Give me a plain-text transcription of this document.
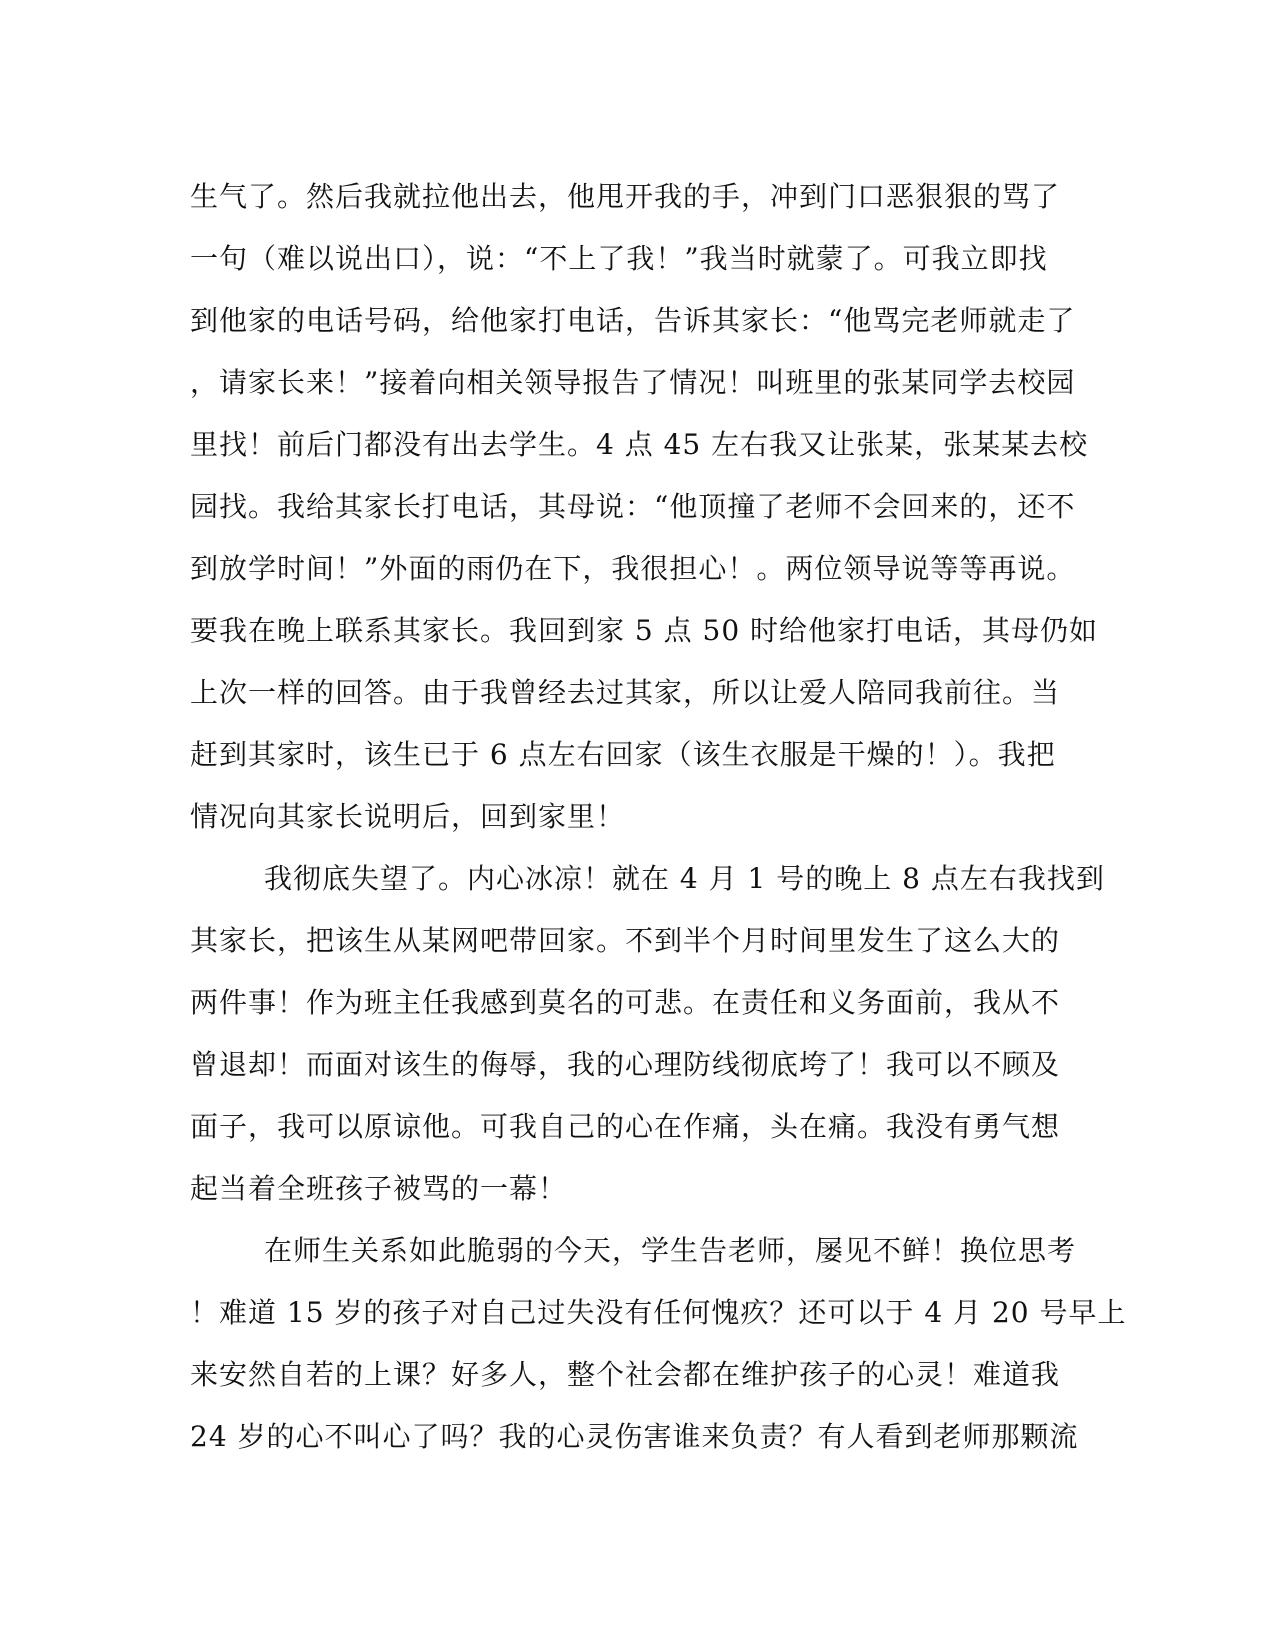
生气了。然后我就拉他出去，他甩开我的手，冲到门口恶狠狠的骂了
一句（难以说出口），说：“不上了我！”我当时就蒙了。可我立即找
到他家的电话号码，给他家打电话，告诉其家长：“他骂完老师就走了
，请家长来！”接着向相关领导报告了情况！叫班里的张某同学去校园
里找！前后门都没有出去学生。4 点 45 左右我又让张某，张某某去校
园找。我给其家长打电话，其母说：“他顶撞了老师不会回来的，还不
到放学时间！”外面的雨仍在下，我很担心！。两位领导说等等再说。
要我在晚上联系其家长。我回到家 5 点 50 时给他家打电话，其母仍如
上次一样的回答。由于我曾经去过其家，所以让爱人陪同我前往。当
赶到其家时，该生已于 6 点左右回家（该生衣服是干燥的！）。我把
情况向其家长说明后，回到家里！
我彻底失望了。内心冰凉！就在 4 月 1 号的晚上 8 点左右我找到
其家长，把该生从某网吧带回家。不到半个月时间里发生了这么大的
两件事！作为班主任我感到莫名的可悲。在责任和义务面前，我从不
曾退却！而面对该生的侮辱，我的心理防线彻底垮了！我可以不顾及
面子，我可以原谅他。可我自己的心在作痛，头在痛。我没有勇气想
起当着全班孩子被骂的一幕！
在师生关系如此脆弱的今天，学生告老师，屡见不鲜！换位思考
！难道 15 岁的孩子对自己过失没有任何愧疚？还可以于 4 月 20 号早上
来安然自若的上课？好多人，整个社会都在维护孩子的心灵！难道我
24 岁的心不叫心了吗？我的心灵伤害谁来负责？有人看到老师那颗流
